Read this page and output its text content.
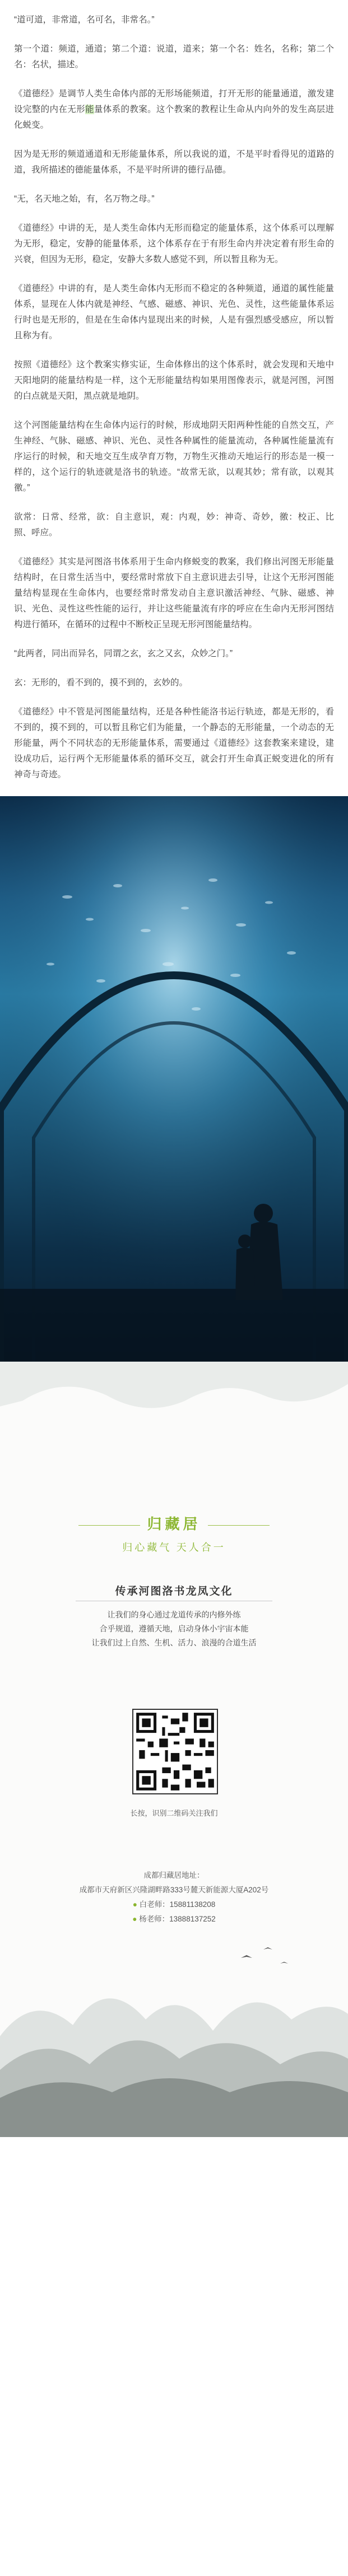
“道可道，非常道，名可名，非常名。”

第一个道：频道，通道；第二个道：说道，道来；第一个名：姓名，名称；第二个名：名状，描述。

《道德经》是调节人类生命体内部的无形场能频道，打开无形的能量通道，激发建设完整的内在无形能量体系的教案。这个教案的教程让生命从内向外的发生高层进化蜕变。

因为是无形的频道通道和无形能量体系，所以我说的道，不是平时看得见的道路的道，我所描述的德能量体系，不是平时所讲的德行品德。

“无，名天地之始，有，名万物之母。”

《道德经》中讲的无，是人类生命体内无形而稳定的能量体系，这个体系可以理解为无形，稳定，安静的能量体系，这个体系存在于有形生命内并决定着有形生命的兴衰，但因为无形，稳定，安静大多数人感觉不到，所以暂且称为无。

《道德经》中讲的有，是人类生命体内无形而不稳定的各种频道，通道的属性能量体系，显现在人体内就是神经、气感、磁感、神识、光色、灵性，这些能量体系运行时也是无形的，但是在生命体内显现出来的时候，人是有强烈感受感应，所以暂且称为有。

按照《道德经》这个教案实修实证，生命体修出的这个体系时，就会发现和天地中天阳地阴的能量结构是一样，这个无形能量结构如果用图像表示，就是河图，河图的白点就是天阳，黑点就是地阴。

这个河图能量结构在生命体内运行的时候，形成地阴天阳两种性能的自然交互，产生神经、气脉、磁感、神识、光色、灵性各种属性的能量流动，各种属性能量流有序运行的时候，和天地交互生成孕育万物，万物生灭推动天地运行的形态是一模一样的，这个运行的轨迹就是洛书的轨迹。“故常无欲，以观其妙；常有欲，以观其徼。”

欲常：日常、经常，欲：自主意识，观：内观，妙：神奇、奇妙，徼：校正、比照、呼应。

《道德经》其实是河图洛书体系用于生命内修蜕变的教案，我们修出河图无形能量结构时，在日常生活当中，要经常时常放下自主意识进去引导，让这个无形河图能量结构显现在生命体内，也要经常时常发动自主意识激活神经、气脉、磁感、神识、光色、灵性这些性能的运行，并让这些能量流有序的呼应在生命内无形河图结构进行循环，在循环的过程中不断校正呈现无形河图能量结构。

“此两者，同出而异名，同谓之玄，玄之又玄，众妙之门。”

玄：无形的，看不到的，摸不到的，玄妙的。

《道德经》中不管是河图能量结构，还是各种性能洛书运行轨迹，都是无形的，看不到的，摸不到的，可以暂且称它们为能量，一个静态的无形能量，一个动态的无形能量，两个不同状态的无形能量体系，需要通过《道德经》这套教案来建设，建设成功后，运行两个无形能量体系的循环交互，就会打开生命真正蜕变进化的所有神奇与奇迹。

归藏居
归心藏气 天人合一
传承河图洛书龙凤文化
让我们的身心通过龙道传承的内修外练
合乎规道，遵循天地，启动身体小宇宙本能
让我们过上自然、生机、活力、浪漫的合道生活
长按，识别二维码关注我们
成都归藏居地址：
成都市天府新区兴隆湖畔路333号麓天新能源大厦A202号
● 白老师：15881138208
● 杨老师：13888137252
